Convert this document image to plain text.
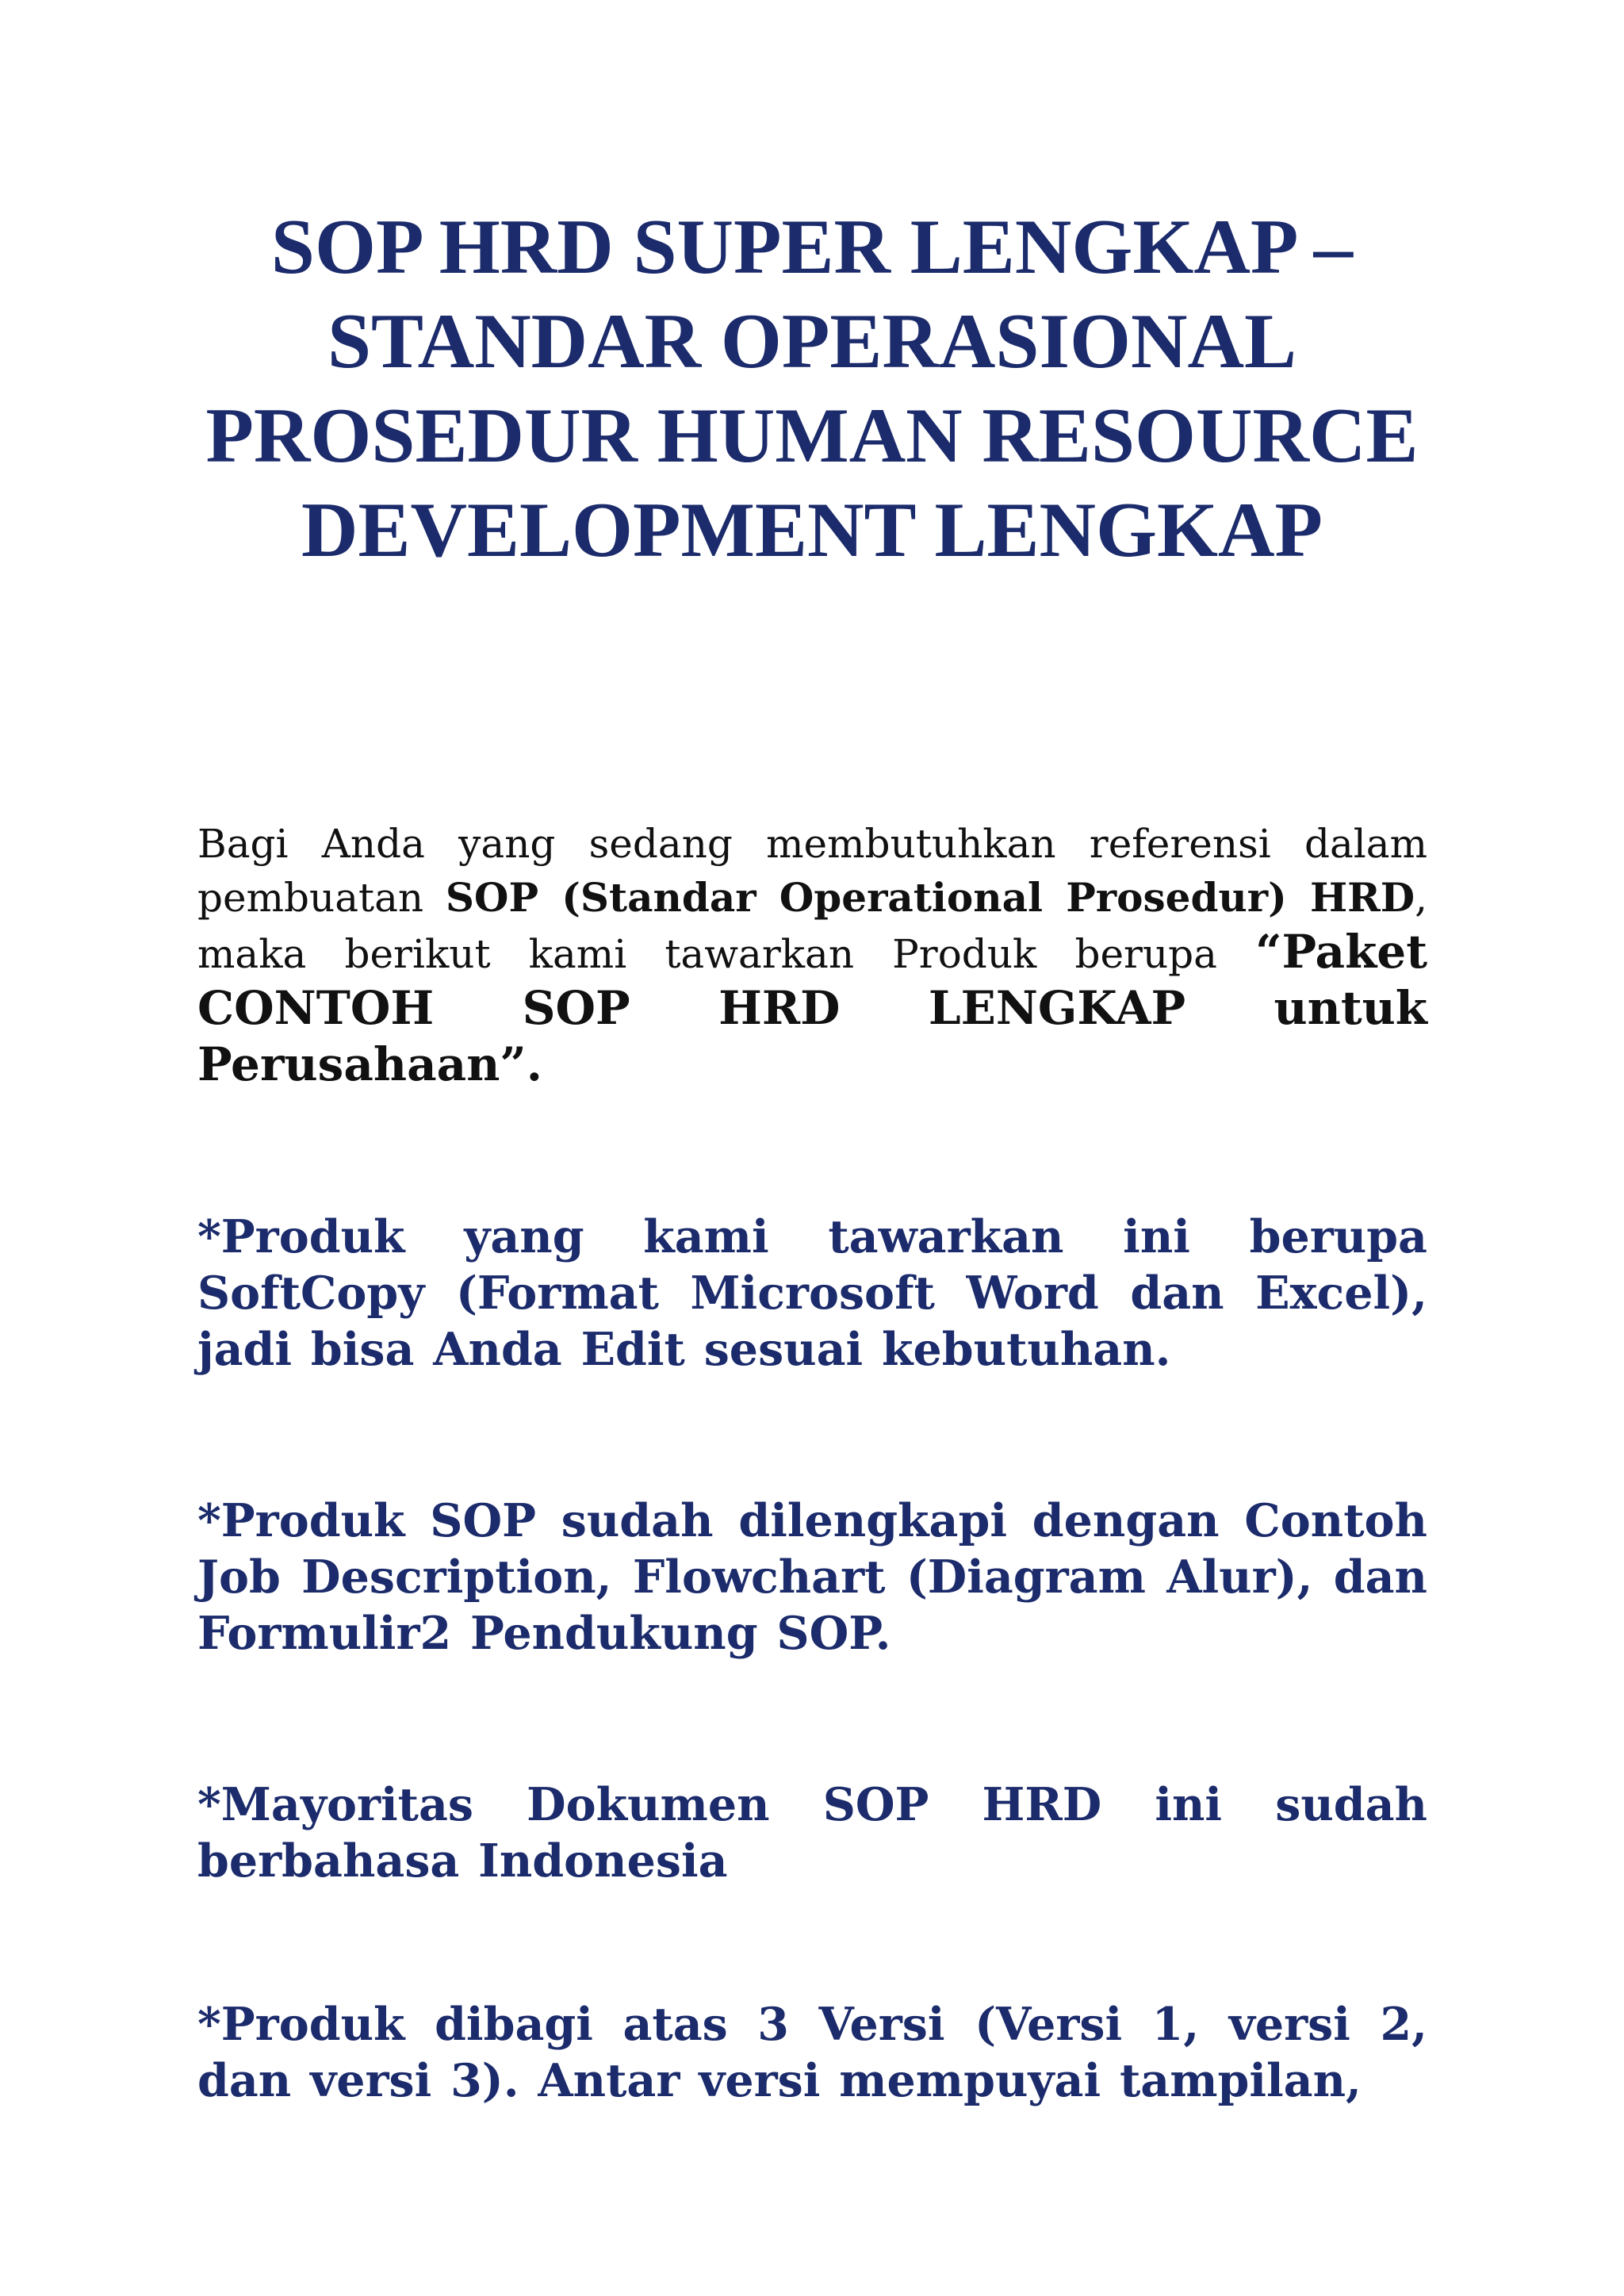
SOP HRD SUPER LENGKAP – STANDAR OPERASIONAL PROSEDUR HUMAN RESOURCE DEVELOPMENT LENGKAP

Bagi Anda yang sedang membutuhkan referensi dalam pembuatan SOP (Standar Operational Prosedur) HRD, maka berikut kami tawarkan Produk berupa “Paket CONTOH SOP HRD LENGKAP untuk Perusahaan”.

*Produk yang kami tawarkan ini berupa SoftCopy (Format Microsoft Word dan Excel), jadi bisa Anda Edit sesuai kebutuhan.

*Produk SOP sudah dilengkapi dengan Contoh Job Description, Flowchart (Diagram Alur), dan Formulir2 Pendukung SOP.

*Mayoritas Dokumen SOP HRD ini sudah berbahasa Indonesia

*Produk dibagi atas 3 Versi (Versi 1, versi 2, dan versi 3). Antar versi mempuyai tampilan,
